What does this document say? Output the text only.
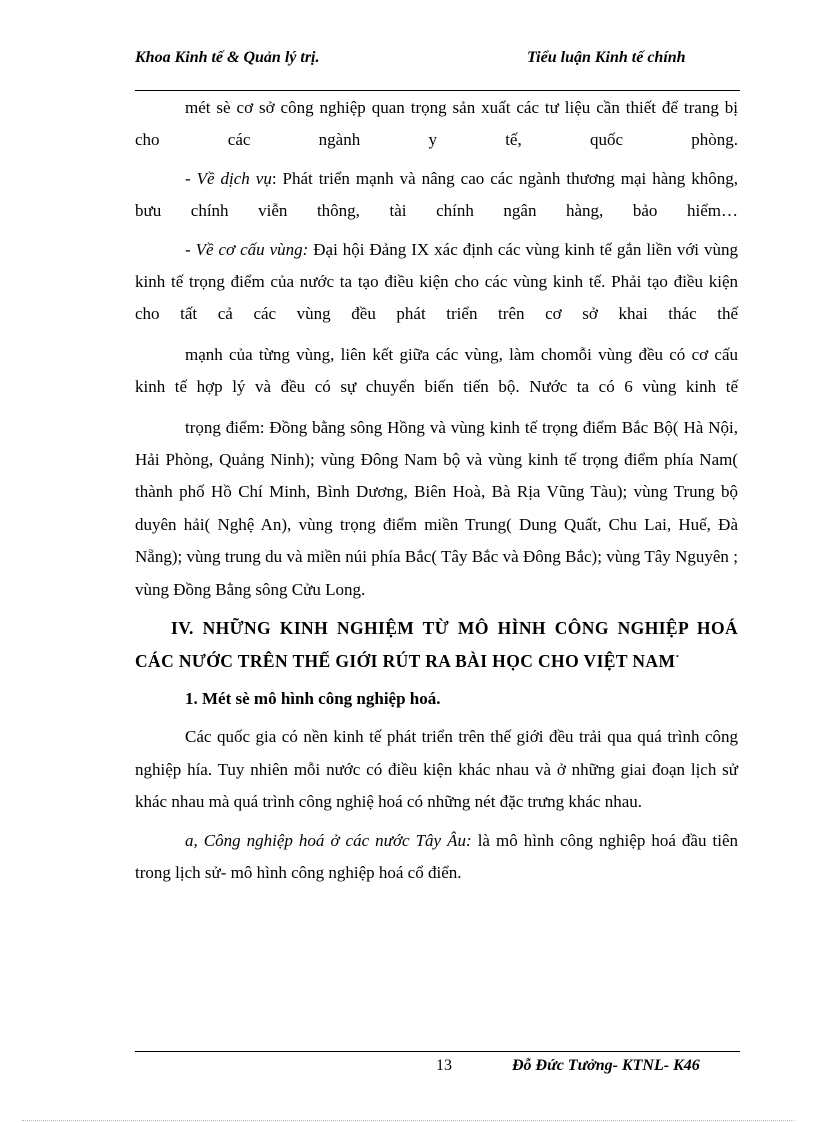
Khoa Kinh tế & Quản lý trị.	Tiểu luận Kinh tế chính

mét sè cơ sở công nghiệp quan trọng sản xuất các tư liệu cần thiết để trang bị cho các ngành y tế, quốc phòng.

- Về dịch vụ: Phát triển mạnh và nâng cao các ngành thương mại hàng không, bưu chính viễn thông, tài chính ngân hàng, bảo hiểm…

- Về cơ cấu vùng: Đại hội Đảng IX xác định các vùng kinh tế gắn liền với vùng kinh tế trọng điểm của nước ta tạo điều kiện cho các vùng kinh tế. Phải tạo điều kiện cho tất cả các vùng đều phát triển trên cơ sở khai thác thế

mạnh của từng vùng, liên kết giữa các vùng, làm chomỗi vùng đều có cơ cấu kinh tế hợp lý và đều có sự chuyển biến tiến bộ. Nước ta có 6 vùng kinh tế

trọng điểm: Đồng bằng sông Hồng và vùng kinh tế trọng điểm Bắc Bộ( Hà Nội, Hải Phòng, Quảng Ninh); vùng Đông Nam bộ và vùng kinh tế trọng điểm phía Nam( thành phố Hồ Chí Minh, Bình Dương, Biên Hoà, Bà Rịa Vũng Tàu); vùng Trung bộ duyên hải( Nghệ An), vùng trọng điểm miền Trung( Dung Quất, Chu Lai, Huế, Đà Nẵng); vùng trung du và miền núi phía Bắc( Tây Bắc và Đông Bắc); vùng Tây Nguyên ; vùng Đồng Bằng sông Cửu Long.

IV. NHỮNG KINH NGHIỆM TỪ MÔ HÌNH CÔNG NGHIỆP HOÁ CÁC NƯỚC TRÊN THẾ GIỚI RÚT RA BÀI HỌC CHO VIỆT NAM·

1. Mét sè mô hình công nghiệp hoá.

Các quốc gia có nền kinh tế phát triển trên thế giới đều trải qua quá trình công nghiệp hía. Tuy nhiên mỗi nước có điều kiện khác nhau và ở những giai đoạn lịch sử khác nhau mà quá trình công nghiệ hoá có những nét đặc trưng khác nhau.

a, Công nghiệp hoá ở các nước Tây Âu: là mô hình công nghiệp hoá đầu tiên trong lịch sử- mô hình công nghiệp hoá cổ điển.

13	Đỗ Đức Tưởng- KTNL- K46
